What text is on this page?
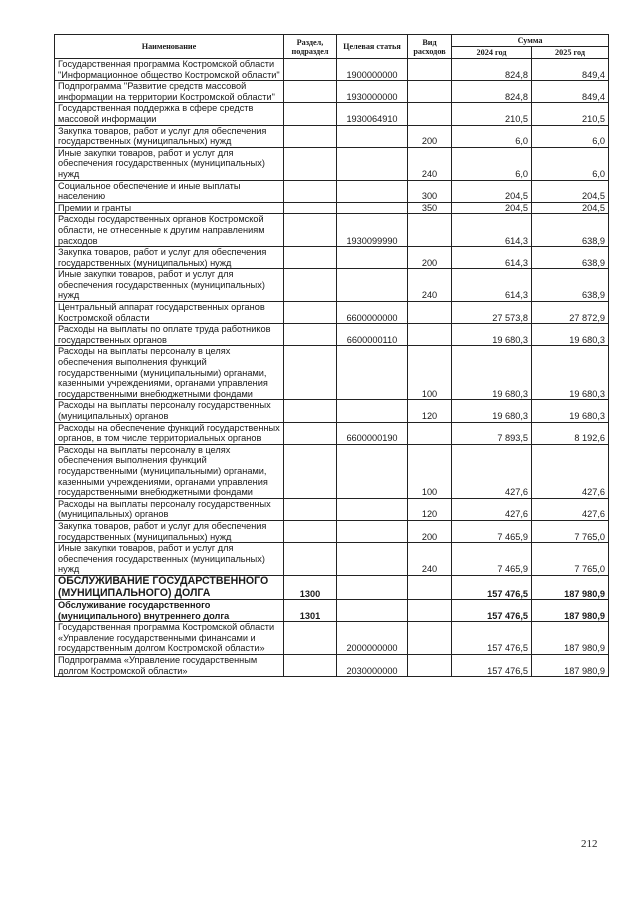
Наименование	Раздел, подраздел	Целевая статья	Вид расходов	Сумма	
				2024 год	2025 год
Государственная программа Костромской области "Информационное общество Костромской области"		1900000000		824,8	849,4
Подпрограмма "Развитие средств массовой информации на территории Костромской области"		1930000000		824,8	849,4
Государственная поддержка в сфере средств массовой информации		1930064910		210,5	210,5
Закупка товаров, работ и услуг для обеспечения государственных (муниципальных) нужд			200	6,0	6,0
Иные закупки товаров, работ и услуг для обеспечения государственных (муниципальных) нужд			240	6,0	6,0
Социальное обеспечение и иные выплаты населению			300	204,5	204,5
Премии и гранты			350	204,5	204,5
Расходы государственных органов Костромской области, не отнесенные к другим направлениям расходов		1930099990		614,3	638,9
Закупка товаров, работ и услуг для обеспечения государственных (муниципальных) нужд			200	614,3	638,9
Иные закупки товаров, работ и услуг для обеспечения государственных (муниципальных) нужд			240	614,3	638,9
Центральный аппарат государственных органов Костромской области		6600000000		27 573,8	27 872,9
Расходы на выплаты по оплате труда работников государственных органов		6600000110		19 680,3	19 680,3
Расходы на выплаты персоналу в целях обеспечения выполнения функций государственными (муниципальными) органами, казенными учреждениями, органами управления государственными внебюджетными фондами			100	19 680,3	19 680,3
Расходы на выплаты персоналу государственных (муниципальных) органов			120	19 680,3	19 680,3
Расходы на обеспечение функций государственных органов, в том числе территориальных органов		6600000190		7 893,5	8 192,6
Расходы на выплаты персоналу в целях обеспечения выполнения функций государственными (муниципальными) органами, казенными учреждениями, органами управления государственными внебюджетными фондами			100	427,6	427,6
Расходы на выплаты персоналу государственных (муниципальных) органов			120	427,6	427,6
Закупка товаров, работ и услуг для обеспечения государственных (муниципальных) нужд			200	7 465,9	7 765,0
Иные закупки товаров, работ и услуг для обеспечения государственных (муниципальных) нужд			240	7 465,9	7 765,0
ОБСЛУЖИВАНИЕ ГОСУДАРСТВЕННОГО (МУНИЦИПАЛЬНОГО) ДОЛГА	1300			157 476,5	187 980,9
Обслуживание государственного (муниципального) внутреннего долга	1301			157 476,5	187 980,9
Государственная программа Костромской области «Управление государственными финансами и государственным долгом Костромской области»		2000000000		157 476,5	187 980,9
Подпрограмма «Управление государственным долгом Костромской области»		2030000000		157 476,5	187 980,9
212
